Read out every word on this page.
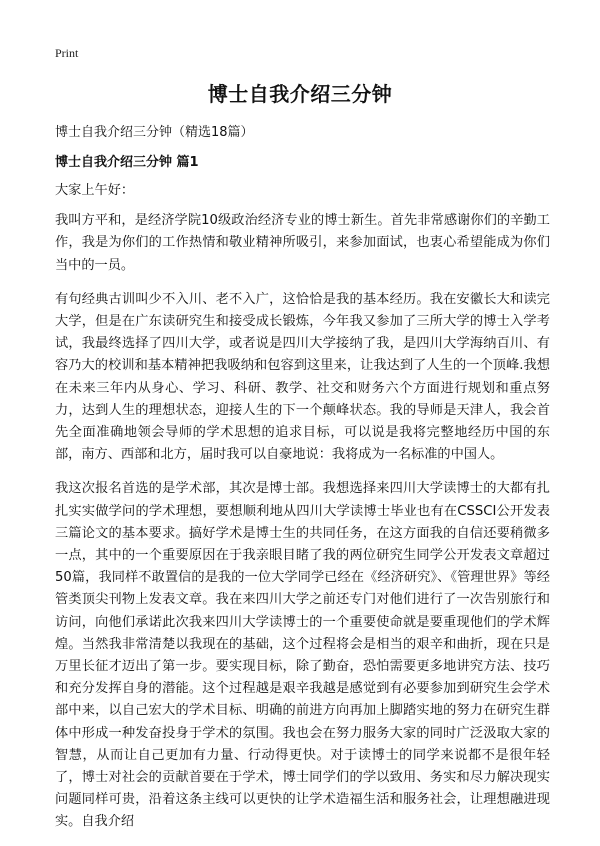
Print
博士自我介绍三分钟
博士自我介绍三分钟（精选18篇）
博士自我介绍三分钟 篇1

大家上午好：

我叫方平和，是经济学院10级政治经济专业的博士新生。首先非常感谢你们的辛勤工作，我是为你们的工作热情和敬业精神所吸引，来参加面试，也衷心希望能成为你们当中的一员。

有句经典古训叫少不入川、老不入广，这恰恰是我的基本经历。我在安徽长大和读完大学，但是在广东读研究生和接受成长锻炼，今年我又参加了三所大学的博士入学考试，我最终选择了四川大学，或者说是四川大学接纳了我，是四川大学海纳百川、有容乃大的校训和基本精神把我吸纳和包容到这里来，让我达到了人生的一个顶峰.我想在未来三年内从身心、学习、科研、教学、社交和财务六个方面进行规划和重点努力，达到人生的理想状态，迎接人生的下一个颠峰状态。我的导师是天津人，我会首先全面准确地领会导师的学术思想的追求目标，可以说是我将完整地经历中国的东部，南方、西部和北方，届时我可以自豪地说：我将成为一名标准的中国人。

我这次报名首选的是学术部，其次是博士部。我想选择来四川大学读博士的大都有扎扎实实做学问的学术理想，要想顺利地从四川大学读博士毕业也有在CSSCI公开发表三篇论文的基本要求。搞好学术是博士生的共同任务，在这方面我的自信还要稍微多一点，其中的一个重要原因在于我亲眼目睹了我的两位研究生同学公开发表文章超过50篇，我同样不敢置信的是我的一位大学同学已经在《经济研究》、《管理世界》等经管类顶尖刊物上发表文章。我在来四川大学之前还专门对他们进行了一次告别旅行和访问，向他们承诺此次我来四川大学读博士的一个重要使命就是要重现他们的学术辉煌。当然我非常清楚以我现在的基础，这个过程将会是相当的艰辛和曲折，现在只是万里长征才迈出了第一步。要实现目标，除了勤奋，恐怕需要更多地讲究方法、技巧和充分发挥自身的潜能。这个过程越是艰辛我越是感觉到有必要参加到研究生会学术部中来，以自己宏大的学术目标、明确的前进方向再加上脚踏实地的努力在研究生群体中形成一种发奋投身于学术的氛围。我也会在努力服务大家的同时广泛汲取大家的智慧，从而让自己更加有力量、行动得更快。对于读博士的同学来说都不是很年轻了，博士对社会的贡献首要在于学术，博士同学们的学以致用、务实和尽力解决现实问题同样可贵，沿着这条主线可以更快的让学术造福生活和服务社会，让理想融进现实。自我介绍
